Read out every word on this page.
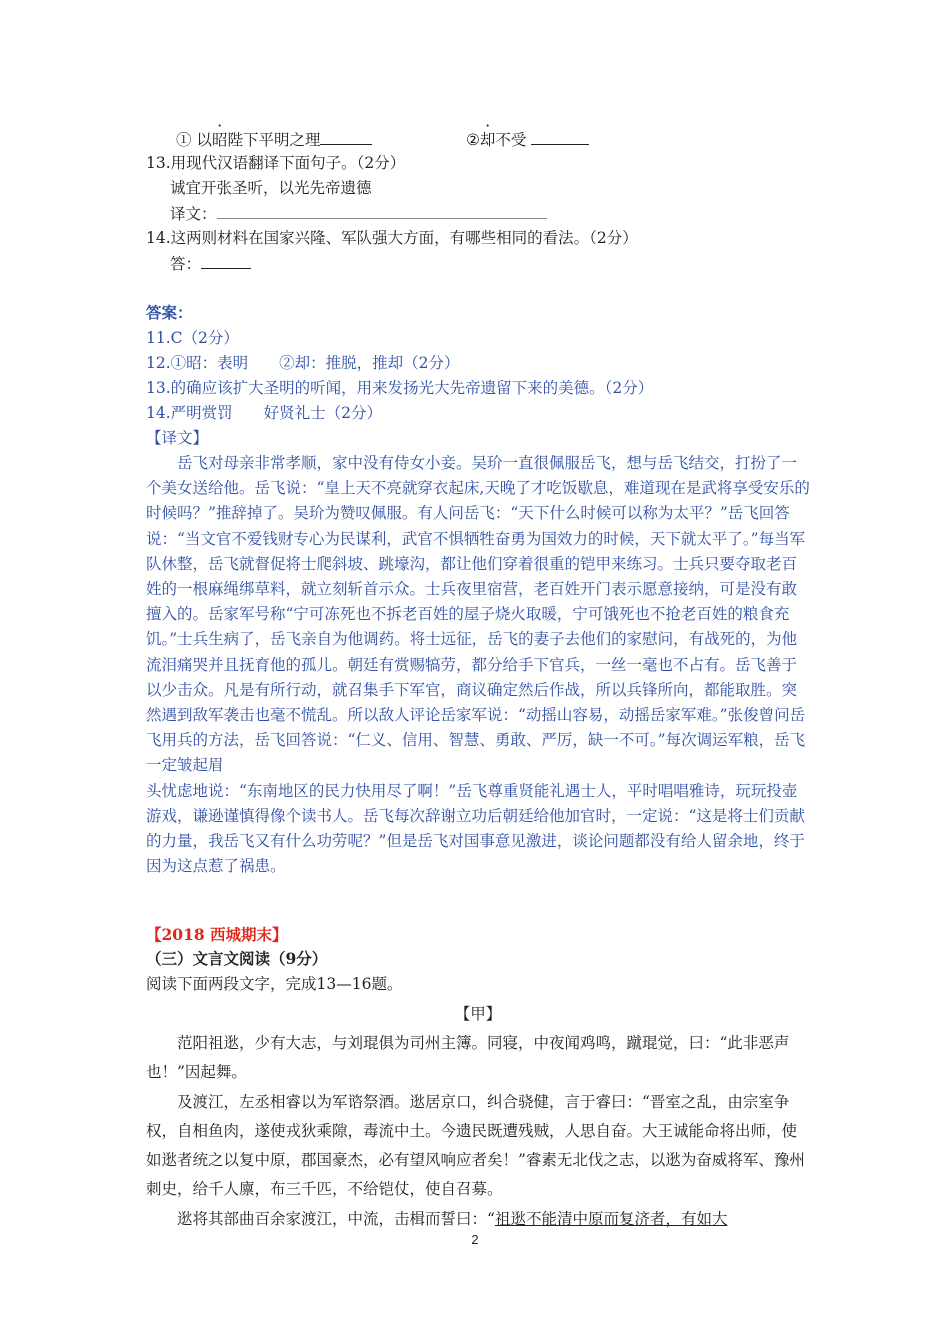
① 以昭陛下平明之理	②却不受
13.用现代汉语翻译下面句子。（2分）
诚宜开张圣听，以光先帝遗德
译文：
14.这两则材料在国家兴隆、军队强大方面，有哪些相同的看法。（2分）
答：
答案：
11.C（2分）
12.①昭：表明　　②却：推脱，推却（2分）
13.的确应该扩大圣明的听闻，用来发扬光大先帝遗留下来的美德。（2分）
14.严明赏罚　　好贤礼士（2分）
【译文】

　　岳飞对母亲非常孝顺，家中没有侍女小妾。吴玠一直很佩服岳飞，想与岳飞结交，打扮了一个美女送给他。岳飞说：“皇上天不亮就穿衣起床,天晚了才吃饭歇息，难道现在是武将享受安乐的时候吗？”推辞掉了。吴玠为赞叹佩服。有人问岳飞：“天下什么时候可以称为太平？”岳飞回答说：“当文官不爱钱财专心为民谋利，武官不惧牺牲奋勇为国效力的时候，天下就太平了。”每当军队休整，岳飞就督促将士爬斜坡、跳壕沟，都让他们穿着很重的铠甲来练习。士兵只要夺取老百姓的一根麻绳绑草料，就立刻斩首示众。士兵夜里宿营，老百姓开门表示愿意接纳，可是没有敢擅入的。岳家军号称“宁可冻死也不拆老百姓的屋子烧火取暖，宁可饿死也不抢老百姓的粮食充饥。”士兵生病了，岳飞亲自为他调药。将士远征，岳飞的妻子去他们的家慰问，有战死的，为他流泪痛哭并且抚育他的孤儿。朝廷有赏赐犒劳，都分给手下官兵，一丝一毫也不占有。岳飞善于以少击众。凡是有所行动，就召集手下军官，商议确定然后作战，所以兵锋所向，都能取胜。突然遇到敌军袭击也毫不慌乱。所以敌人评论岳家军说：“动摇山容易，动摇岳家军难。”张俊曾问岳飞用兵的方法，岳飞回答说：“仁义、信用、智慧、勇敢、严厉，缺一不可。”每次调运军粮，岳飞一定皱起眉

头忧虑地说：“东南地区的民力快用尽了啊！”岳飞尊重贤能礼遇士人，平时唱唱雅诗，玩玩投壶游戏，谦逊谨慎得像个读书人。岳飞每次辞谢立功后朝廷给他加官时，一定说：“这是将士们贡献的力量，我岳飞又有什么功劳呢？”但是岳飞对国事意见激进，谈论问题都没有给人留余地，终于因为这点惹了祸患。

【2018 西城期末】
（三）文言文阅读（9分）
阅读下面两段文字，完成13—16题。
【甲】

范阳祖逖，少有大志，与刘琨俱为司州主簿。同寝，中夜闻鸡鸣，蹴琨觉，曰：“此非恶声也！”因起舞。

及渡江，左丞相睿以为军谘祭酒。逖居京口，纠合骁健，言于睿曰：“晋室之乱，由宗室争权，自相鱼肉，遂使戎狄乘隙，毒流中土。今遗民既遭残贼，人思自奋。大王诚能命将出师，使如逖者统之以复中原，郡国豪杰，必有望风响应者矣！”睿素无北伐之志，以逖为奋威将军、豫州刺史，给千人廪，布三千匹，不给铠仗，使自召募。

逖将其部曲百余家渡江，中流，击楫而誓曰：“祖逖不能清中原而复济者，有如大

2
